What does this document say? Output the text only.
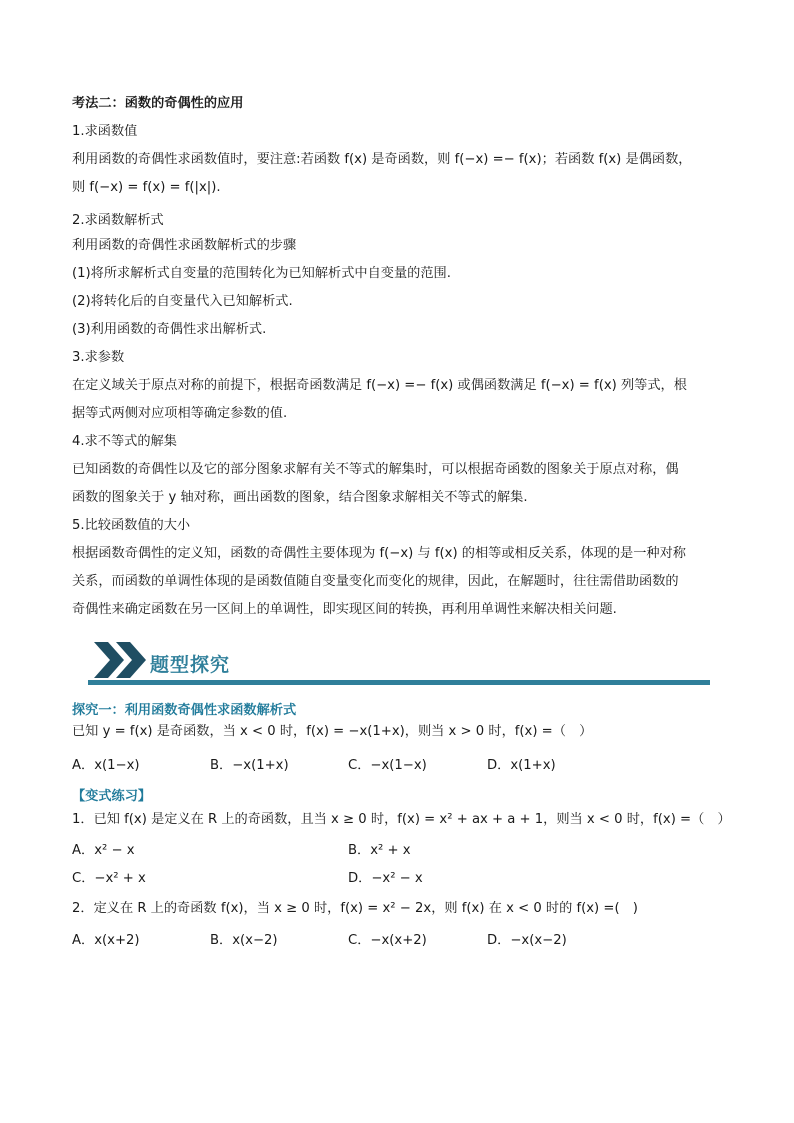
考法二：函数的奇偶性的应用
1.求函数值
利用函数的奇偶性求函数值时，要注意:若函数 f(x) 是奇函数，则 f(−x) =− f(x)；若函数 f(x) 是偶函数，
则 f(−x) = f(x) = f(|x|).
2.求函数解析式
利用函数的奇偶性求函数解析式的步骤
(1)将所求解析式自变量的范围转化为已知解析式中自变量的范围.
(2)将转化后的自变量代入已知解析式.
(3)利用函数的奇偶性求出解析式.
3.求参数
在定义域关于原点对称的前提下，根据奇函数满足 f(−x) =− f(x) 或偶函数满足 f(−x) = f(x) 列等式，根
据等式两侧对应项相等确定参数的值.
4.求不等式的解集
已知函数的奇偶性以及它的部分图象求解有关不等式的解集时，可以根据奇函数的图象关于原点对称，偶
函数的图象关于 y 轴对称，画出函数的图象，结合图象求解相关不等式的解集.
5.比较函数值的大小
根据函数奇偶性的定义知，函数的奇偶性主要体现为 f(−x) 与 f(x) 的相等或相反关系，体现的是一种对称
关系，而函数的单调性体现的是函数值随自变量变化而变化的规律，因此，在解题时，往往需借助函数的
奇偶性来确定函数在另一区间上的单调性，即实现区间的转换，再利用单调性来解决相关问题.
题型探究
探究一：利用函数奇偶性求函数解析式
已知 y = f(x) 是奇函数，当 x < 0 时，f(x) = −x(1+x)，则当 x > 0 时，f(x) =（　）
A．x(1−x)	B．−x(1+x)	C．−x(1−x)	D．x(1+x)
【变式练习】
1．已知 f(x) 是定义在 R 上的奇函数，且当 x ≥ 0 时，f(x) = x² + ax + a + 1，则当 x < 0 时，f(x) =（　）
A．x² − x	B．x² + x
C．−x² + x	D．−x² − x
2．定义在 R 上的奇函数 f(x)，当 x ≥ 0 时，f(x) = x² − 2x，则 f(x) 在 x < 0 时的 f(x) =(　)
A．x(x+2)	B．x(x−2)	C．−x(x+2)	D．−x(x−2)
